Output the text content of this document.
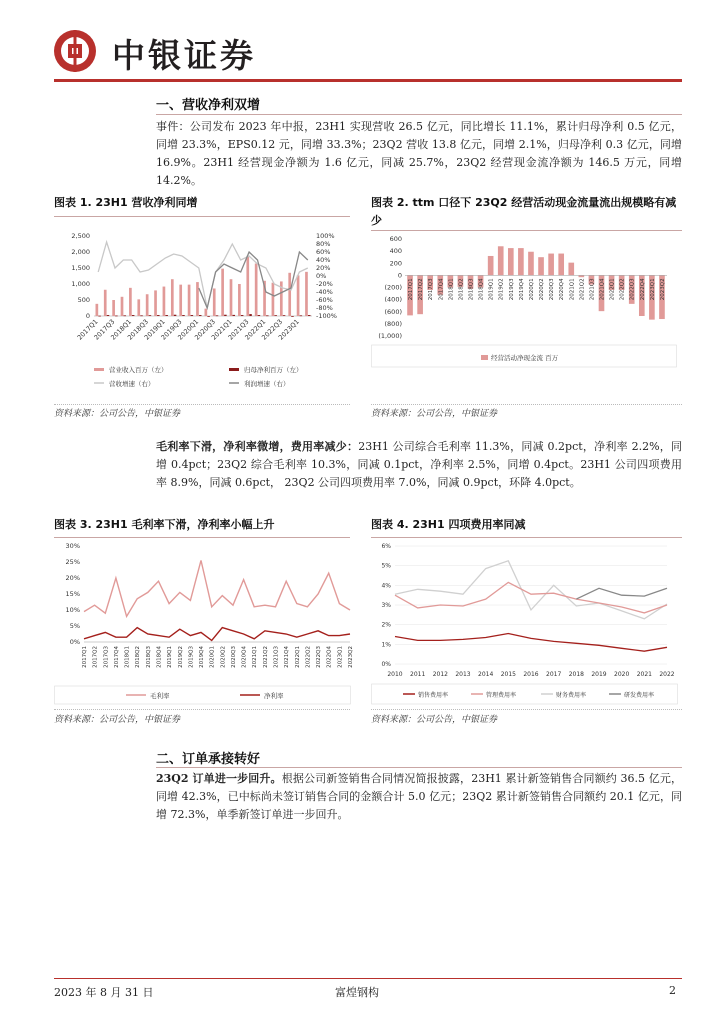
中银证券
一、营收净利双增
事件：公司发布 2023 年中报，23H1 实现营收 26.5 亿元，同比增长 11.1%，累计归母净利 0.5 亿元，同增 23.3%，EPS0.12 元，同增 33.3%；23Q2 营收 13.8 亿元，同增 2.1%，归母净利 0.3 亿元，同增 16.9%。23H1 经营现金净额为 1.6 亿元，同减 25.7%，23Q2 经营现金流净额为 146.5 万元，同增 14.2%。
图表 1. 23H1 营收净利同增
2,500
2,000
1,500
1,000
500
0
100%
80%
60%
40%
20%
0%
-20%
-40%
-60%
-80%
-100%
2017Q1
2017Q3
2018Q1
2018Q3
2019Q1
2019Q3
2020Q1
2020Q3
2021Q1
2021Q3
2022Q1
2022Q3
2023Q1
营业收入百万（左）	归母净利百万（左）
营收增速（右）	利润增速（右）
资料来源：公司公告，中银证券
图表 2. ttm 口径下 23Q2 经营活动现金流量流出规模略有减少
600
400
200
0
(200)
(400)
(600)
(800)
(1,000)
2017Q1 2017Q2 2017Q3 2017Q4 2018Q1 2018Q2 2018Q3 2018Q4 2019Q1 2019Q2 2019Q3 2019Q4 2020Q1 2020Q2 2020Q3 2020Q4 2021Q1 2021Q2 2021Q3 2021Q4 2022Q1 2022Q2 2022Q3 2022Q4 2023Q1 2023Q2
经营活动净现金流 百万
资料来源：公司公告，中银证券
毛利率下滑，净利率微增，费用率减少：23H1 公司综合毛利率 11.3%，同减 0.2pct，净利率 2.2%，同增 0.4pct；23Q2 综合毛利率 10.3%，同减 0.1pct，净利率 2.5%，同增 0.4pct。23H1 公司四项费用率 8.9%，同减 0.6pct， 23Q2 公司四项费用率 7.0%，同减 0.9pct，环降 4.0pct。
图表 3. 23H1 毛利率下滑，净利率小幅上升
30%
25%
20%
15%
10%
5%
0%
2017Q1 2017Q2 2017Q3 2017Q4 2018Q1 2018Q2 2018Q3 2018Q4 2019Q1 2019Q2 2019Q3 2019Q4 2020Q1 2020Q2 2020Q3 2020Q4 2021Q1 2021Q2 2021Q3 2021Q4 2022Q1 2022Q2 2022Q3 2022Q4 2023Q1 2023Q2
毛利率	净利率
资料来源：公司公告，中银证券
图表 4. 23H1 四项费用率同减
6%
5%
4%
3%
2%
1%
0%
2010 2011 2012 2013 2014 2015 2016 2017 2018 2019 2020 2021 2022
销售费用率	管理费用率	财务费用率	研发费用率
资料来源：公司公告，中银证券
二、订单承接转好
23Q2 订单进一步回升。根据公司新签销售合同情况简报披露，23H1 累计新签销售合同额约 36.5 亿元，同增 42.3%，已中标尚未签订销售合同的金额合计 5.0 亿元；23Q2 累计新签销售合同额约 20.1 亿元，同增 72.3%，单季新签订单进一步回升。
2023 年 8 月 31 日	富煌钢构	2
